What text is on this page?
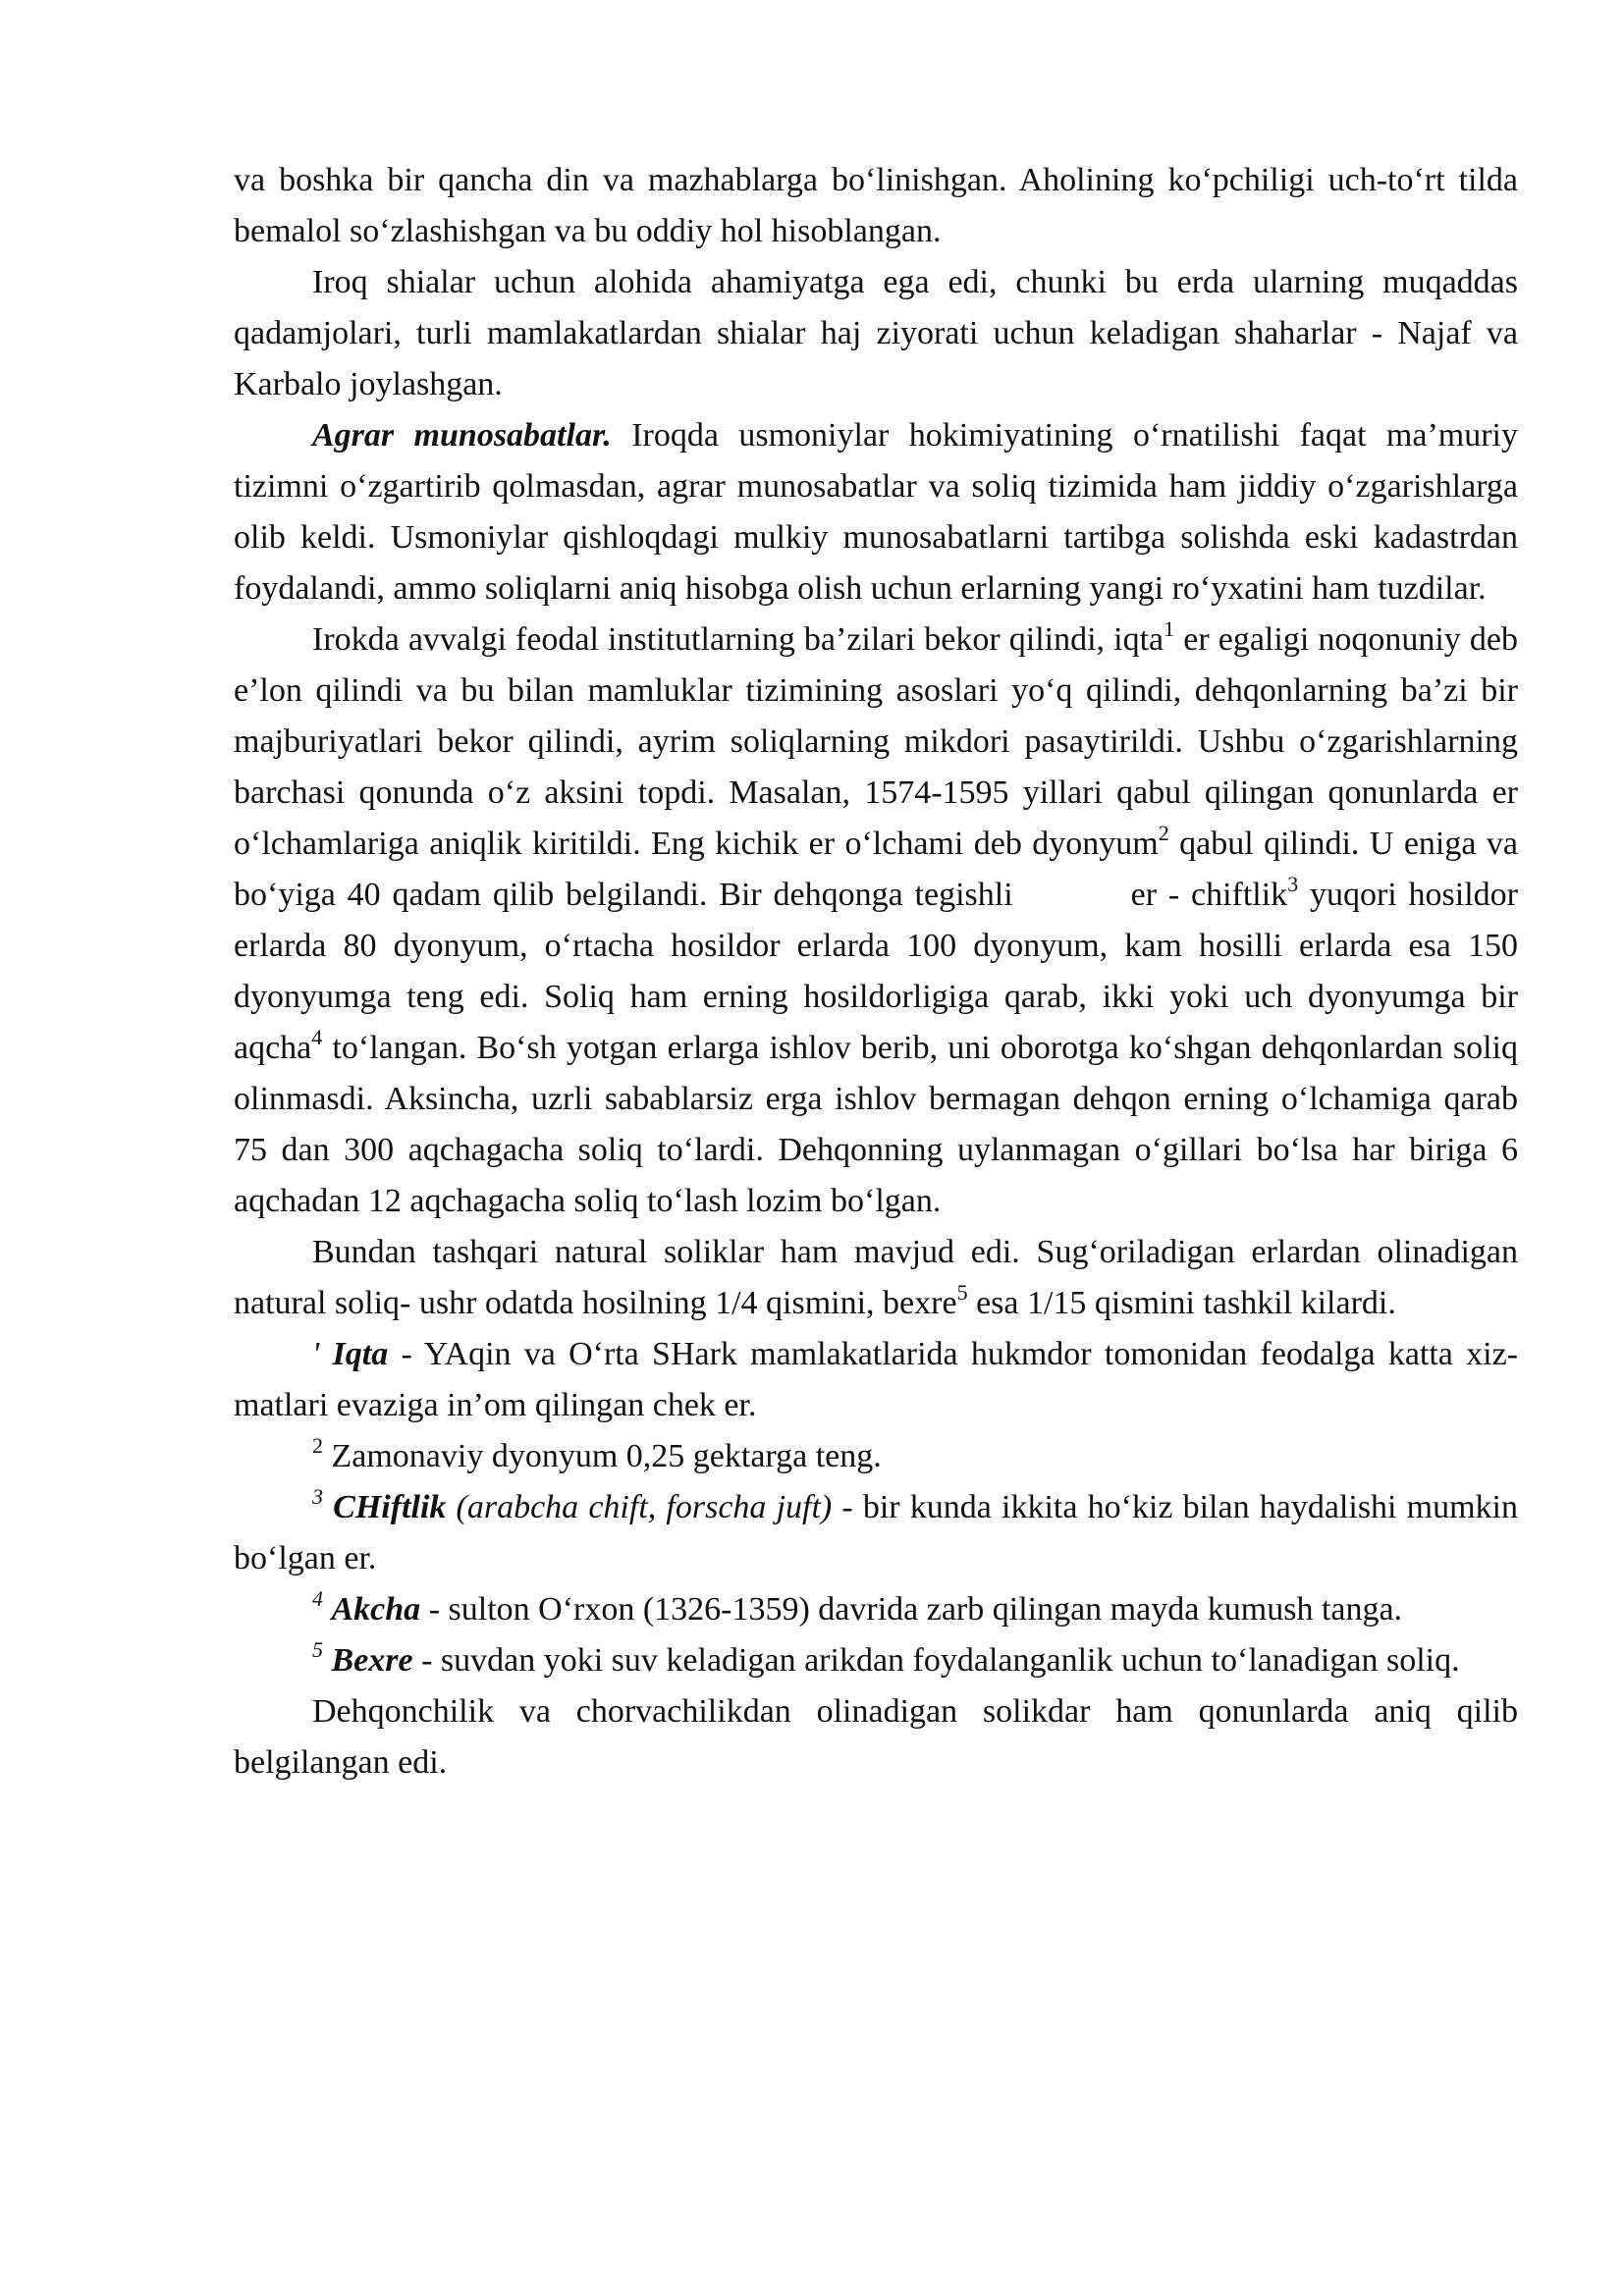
va boshka bir qancha din va mazhablarga bo‘linishgan. Aholining ko‘pchiligi uch-to‘rt tilda bemalol so‘zlashishgan va bu oddiy hol hisoblangan.

Iroq shialar uchun alohida ahamiyatga ega edi, chunki bu erda ularning muqaddas qadamjolari, turli mamlakatlardan shialar haj ziyorati uchun keladigan shaharlar - Najaf va Karbalo joylashgan.

Agrar munosabatlar. Iroqda usmoniylar hokimiyatining o‘rnatilishi faqat ma’muriy tizimni o‘zgartirib qolmasdan, agrar munosabatlar va soliq tizimida ham jiddiy o‘zgarishlarga olib keldi. Usmoniylar qishloqdagi mulkiy munosabatlarni tartibga solishda eski kadastrdan foydalandi, ammo soliqlarni aniq hisobga olish uchun erlarning yangi ro‘yxatini ham tuzdilar.

Irokda avvalgi feodal institutlarning ba’zilari bekor qilindi, iqta$^1$ er egaligi noqonuniy deb e’lon qilindi va bu bilan mamluklar tizimining asoslari yo‘q qilindi, dehqonlarning ba’zi bir majburiyatlari bekor qilindi, ayrim soliqlarning mikdori pasaytirildi. Ushbu o‘zgarishlarning barchasi qonunda o‘z aksini topdi. Masalan, 1574-1595 yillari qabul qilingan qonunlarda er o‘lchamlariga aniqlik kiritildi. Eng kichik er o‘lchami deb dyonyum$^2$ qabul qilindi. U eniga va bo‘yiga 40 qadam qilib belgilandi. Bir dehqonga tegishli	er - chiftlik$^3$ yuqori hosildor erlarda 80 dyonyum, o‘rtacha hosildor erlarda 100 dyonyum, kam hosilli erlarda esa 150 dyonyumga teng edi. Soliq ham erning hosildorligiga qarab, ikki yoki uch dyonyumga bir aqcha$^4$ to‘langan. Bo‘sh yotgan erlarga ishlov berib, uni oborotga ko‘shgan dehqonlardan soliq olinmasdi. Aksincha, uzrli sabablarsiz erga ishlov bermagan dehqon erning o‘lchamiga qarab 75 dan 300 aqchagacha soliq to‘lardi. Dehqonning uylanmagan o‘gillari bo‘lsa har biriga 6 aqchadan 12 aqchagacha soliq to‘lash lozim bo‘lgan.

Bundan tashqari natural soliklar ham mavjud edi. Sug‘oriladigan erlardan olinadigan natural soliq- ushr odatda hosilning 1/4 qismini, bexre$^5$ esa 1/15 qismini tashkil kilardi.

' Iqta - YAqin va O‘rta SHark mamlakatlarida hukmdor tomonidan feodalga katta xiz-matlari evaziga in’om qilingan chek er.

$^2$ Zamonaviy dyonyum 0,25 gektarga teng.

$^3$ CHiftlik (arabcha chift, forscha juft) - bir kunda ikkita ho‘kiz bilan haydalishi mumkin bo‘lgan er.

$^4$ Akcha - sulton O‘rxon (1326-1359) davrida zarb qilingan mayda kumush tanga.

$^5$ Bexre - suvdan yoki suv keladigan arikdan foydalanganlik uchun to‘lanadigan soliq.

Dehqonchilik va chorvachilikdan olinadigan solikdar ham qonunlarda aniq qilib belgilangan edi.
